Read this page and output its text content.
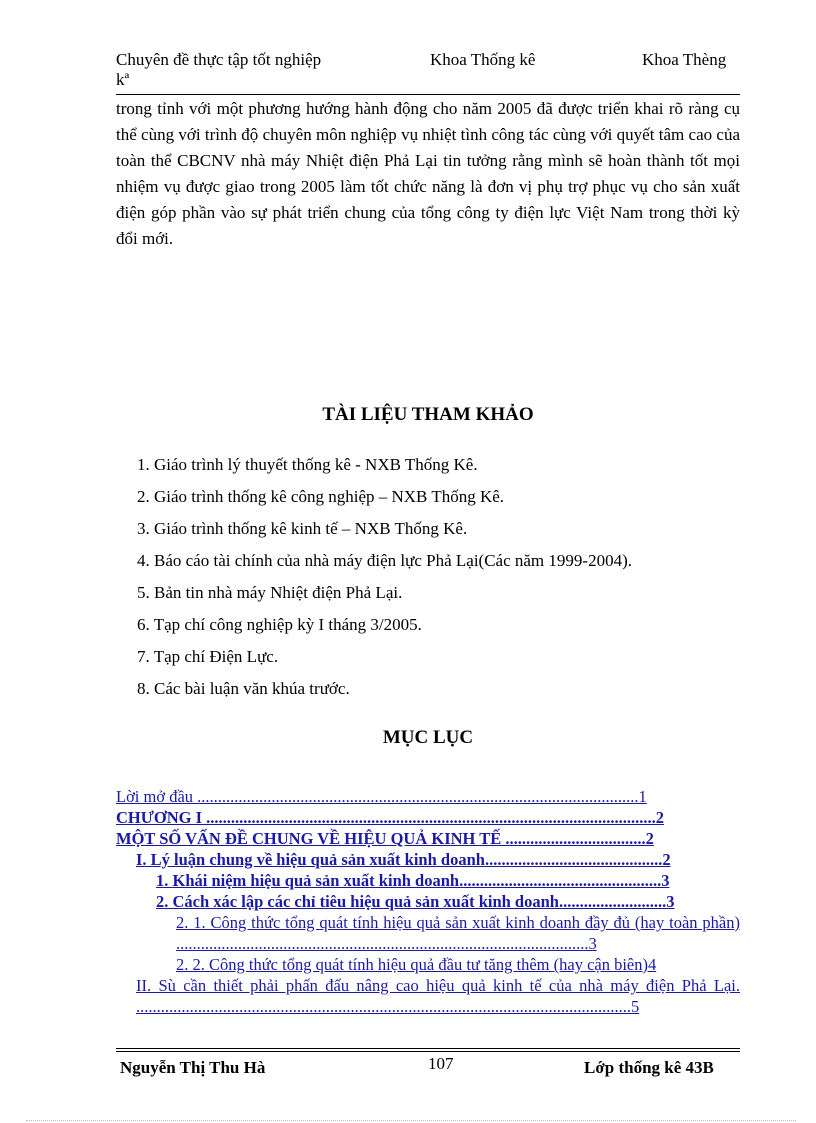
Chuyên đề thực tập tốt nghiệp	Khoa Thống kê	Khoa Thèng
kª

trong tỉnh với một phương hướng hành động cho năm 2005 đã được triển khai rõ ràng cụ thể cùng với trình độ chuyên môn nghiệp vụ nhiệt tình công tác cùng với quyết tâm cao của toàn thể CBCNV nhà máy Nhiệt điện Phả Lại tin tưởng rằng mình sẽ hoàn thành tốt mọi nhiệm vụ được giao trong 2005 làm tốt chức năng là đơn vị phụ trợ phục vụ cho sản xuất điện góp phần vào sự phát triển chung của tổng công ty điện lực Việt Nam trong thời kỳ đổi mới.

TÀI LIỆU THAM KHẢO
1. Giáo trình lý thuyết thống kê - NXB Thống Kê.
2. Giáo trình thống kê công nghiệp – NXB Thống Kê.
3. Giáo trình thống kê kinh tế – NXB Thống Kê.
4. Báo cáo tài chính của nhà máy điện lực Phả Lại(Các năm 1999-2004).
5. Bản tin nhà máy Nhiệt điện Phả Lại.
6. Tạp chí công nghiệp kỳ I tháng 3/2005.
7. Tạp chí Điện Lực.
8. Các bài luận văn khúa trước.
MỤC LỤC
Lời mở đầu ...........................................................................................................1
CHƯƠNG I .............................................................................................................2
MỘT SỐ VẤN ĐỀ CHUNG VỀ HIỆU QUẢ KINH TẾ ..................................2
I. Lý luận chung về hiệu quả sản xuất kinh doanh...........................................2
1. Khái niệm hiệu quả sản xuất kinh doanh.................................................3
2. Cách xác lập các chỉ tiêu hiệu quả sản xuất kinh doanh..........................3
2. 1. Công thức tổng quát tính hiệu quả sản xuất kinh doanh đầy đủ (hay toàn phần) ....................................................................................................3
2. 2. Công thức tổng quát tính hiệu quả đầu tư tăng thêm (hay cận biên)4
II. Sù cần thiết phải phấn đấu nâng cao hiệu quả kinh tế của nhà máy điện Phả Lại. ........................................................................................................................5
Nguyễn Thị Thu Hà	107	Lớp thống kê 43B
